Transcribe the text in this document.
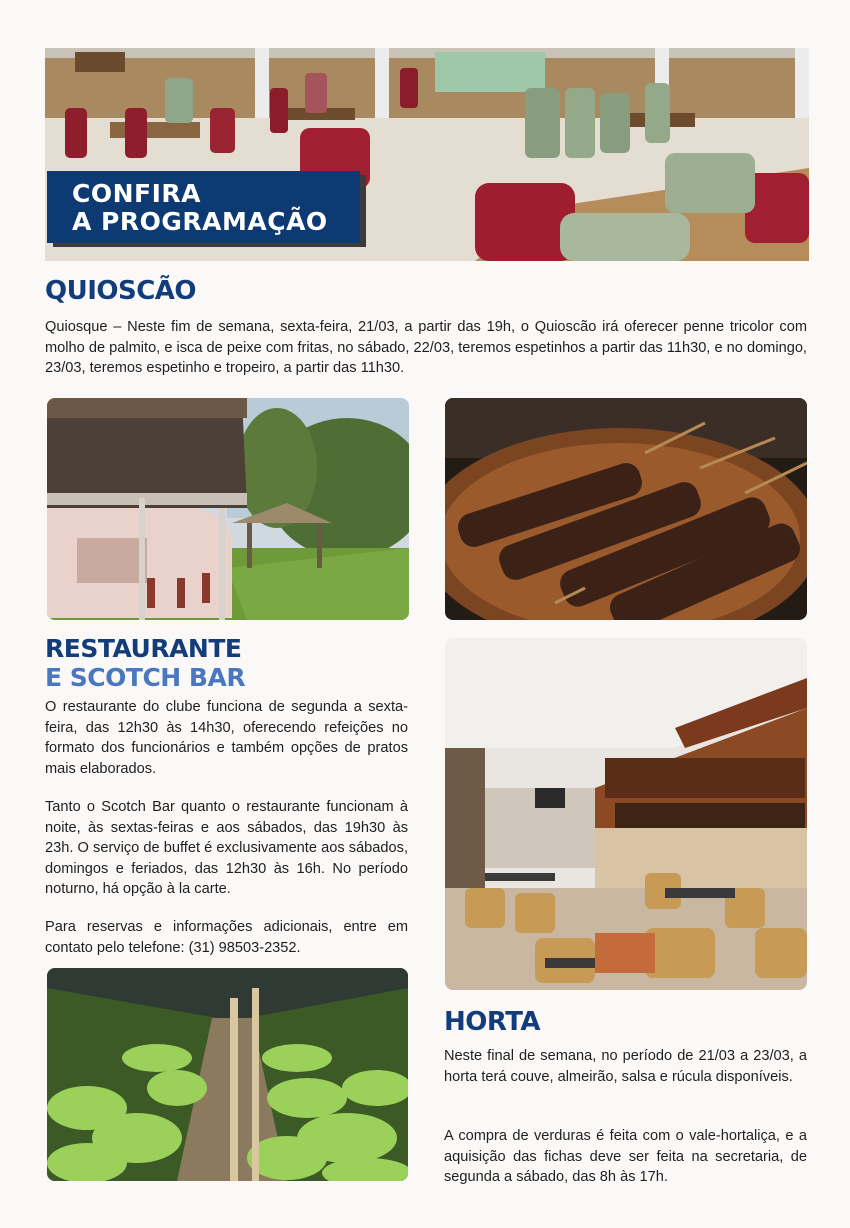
CONFIRA
A PROGRAMAÇÃO
QUIOSCÃO

Quiosque – Neste fim de semana, sexta-feira, 21/03, a partir das 19h, o Quioscão irá oferecer penne tricolor com molho de palmito, e isca de peixe com fritas, no sábado, 22/03, teremos espetinhos a partir das 11h30, e no domingo, 23/03, teremos espetinho e tropeiro, a partir das 11h30.

RESTAURANTE
E SCOTCH BAR

O restaurante do clube funciona de segunda a sexta-feira, das 12h30 às 14h30, oferecendo refeições no formato dos funcionários e também opções de pratos mais elaborados.

Tanto o Scotch Bar quanto o restaurante funcionam à noite, às sextas-feiras e aos sábados, das 19h30 às 23h. O serviço de buffet é exclusivamente aos sábados, domingos e feriados, das 12h30 às 16h. No período noturno, há opção à la carte.

Para reservas e informações adicionais, entre em contato pelo telefone: (31) 98503-2352.

HORTA

Neste final de semana, no período de 21/03 a 23/03, a horta terá couve, almeirão, salsa e rúcula disponíveis.

A compra de verduras é feita com o vale-hortaliça, e a aquisição das fichas deve ser feita na secretaria, de segunda a sábado, das 8h às 17h.
